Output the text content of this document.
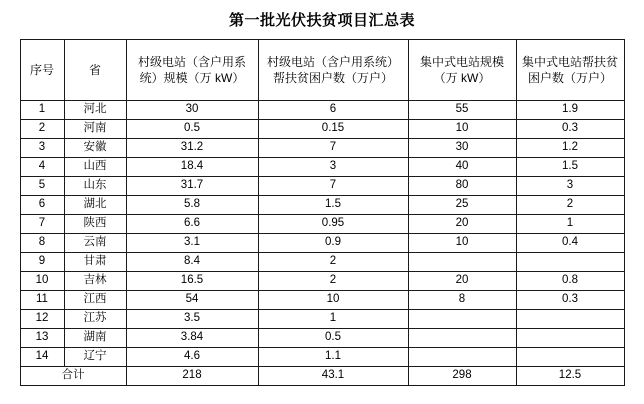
第一批光伏扶贫项目汇总表
序号	省	村级电站（含户用系统）规模（万 kW）	村级电站（含户用系统）帮扶贫困户数（万户）	集中式电站规模（万 kW）	集中式电站帮扶贫困户数（万户）

1	河北	30	6	55	1.9
2	河南	0.5	0.15	10	0.3
3	安徽	31.2	7	30	1.2
4	山西	18.4	3	40	1.5
5	山东	31.7	7	80	3
6	湖北	5.8	1.5	25	2
7	陕西	6.6	0.95	20	1
8	云南	3.1	0.9	10	0.4
9	甘肃	8.4	2		
10	吉林	16.5	2	20	0.8
11	江西	54	10	8	0.3
12	江苏	3.5	1		
13	湖南	3.84	0.5		
14	辽宁	4.6	1.1		
合计		218	43.1	298	12.5
